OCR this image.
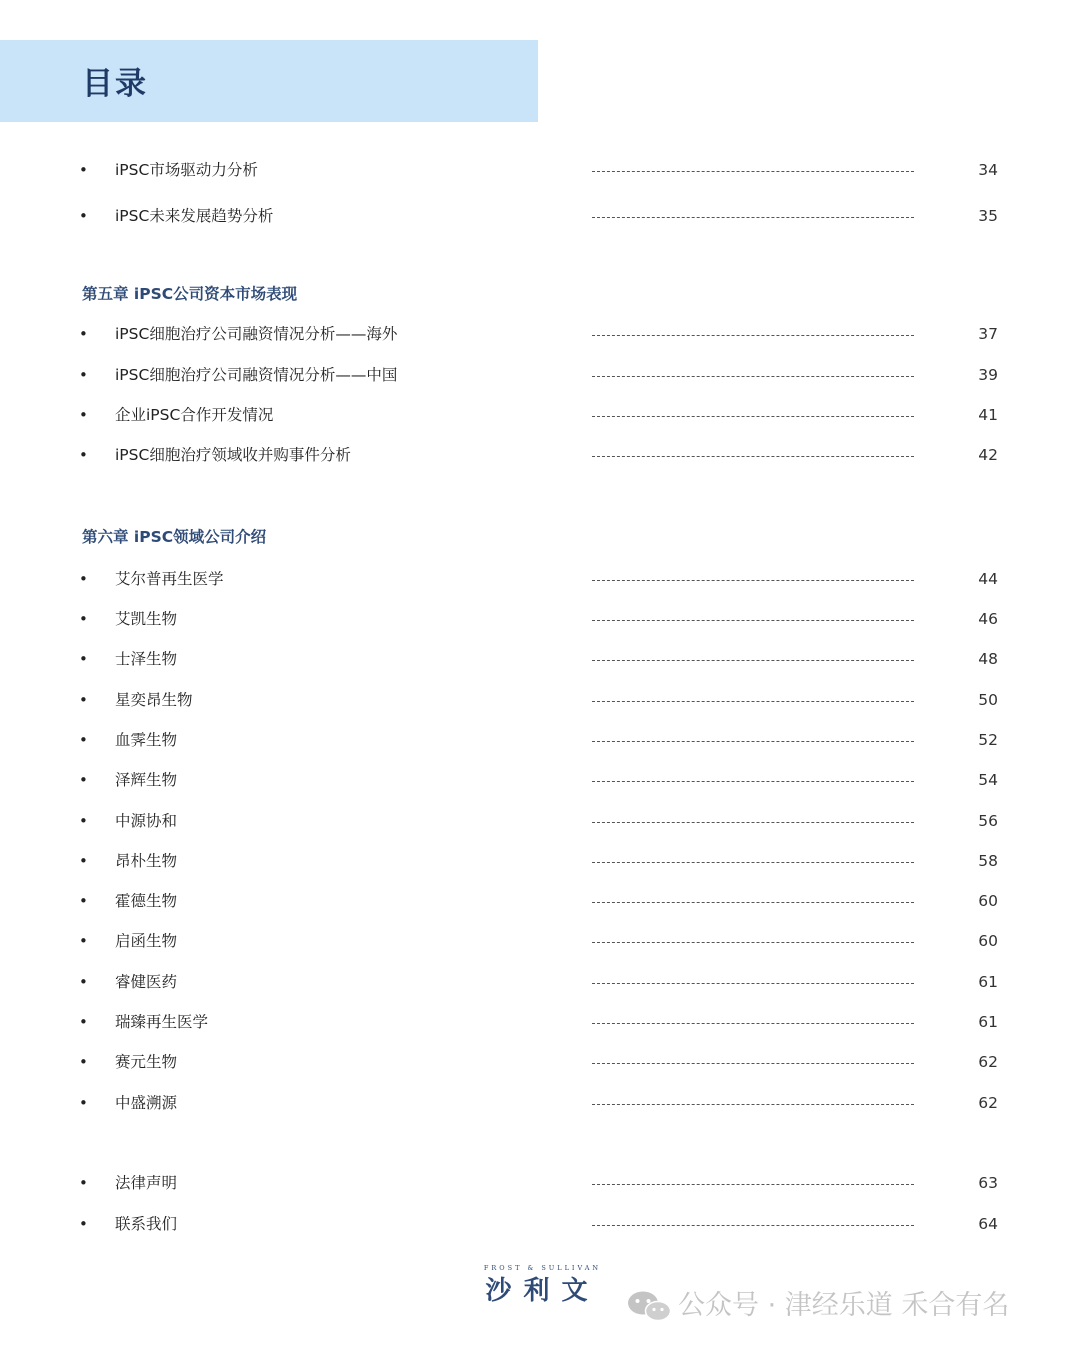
目录
•	iPSC市场驱动力分析	34
•	iPSC未来发展趋势分析	35
第五章 iPSC公司资本市场表现
•	iPSC细胞治疗公司融资情况分析——海外	37
•	iPSC细胞治疗公司融资情况分析——中国	39
•	企业iPSC合作开发情况	41
•	iPSC细胞治疗领域收并购事件分析	42
第六章 iPSC领域公司介绍
•	艾尔普再生医学	44
•	艾凯生物	46
•	士泽生物	48
•	星奕昂生物	50
•	血霁生物	52
•	泽辉生物	54
•	中源协和	56
•	昂朴生物	58
•	霍德生物	60
•	启函生物	60
•	睿健医药	61
•	瑞臻再生医学	61
•	赛元生物	62
•	中盛溯源	62
•	法律声明	63
•	联系我们	64
FROST & SULLIVAN
沙利文	公众号 · 津经乐道 禾合有名
